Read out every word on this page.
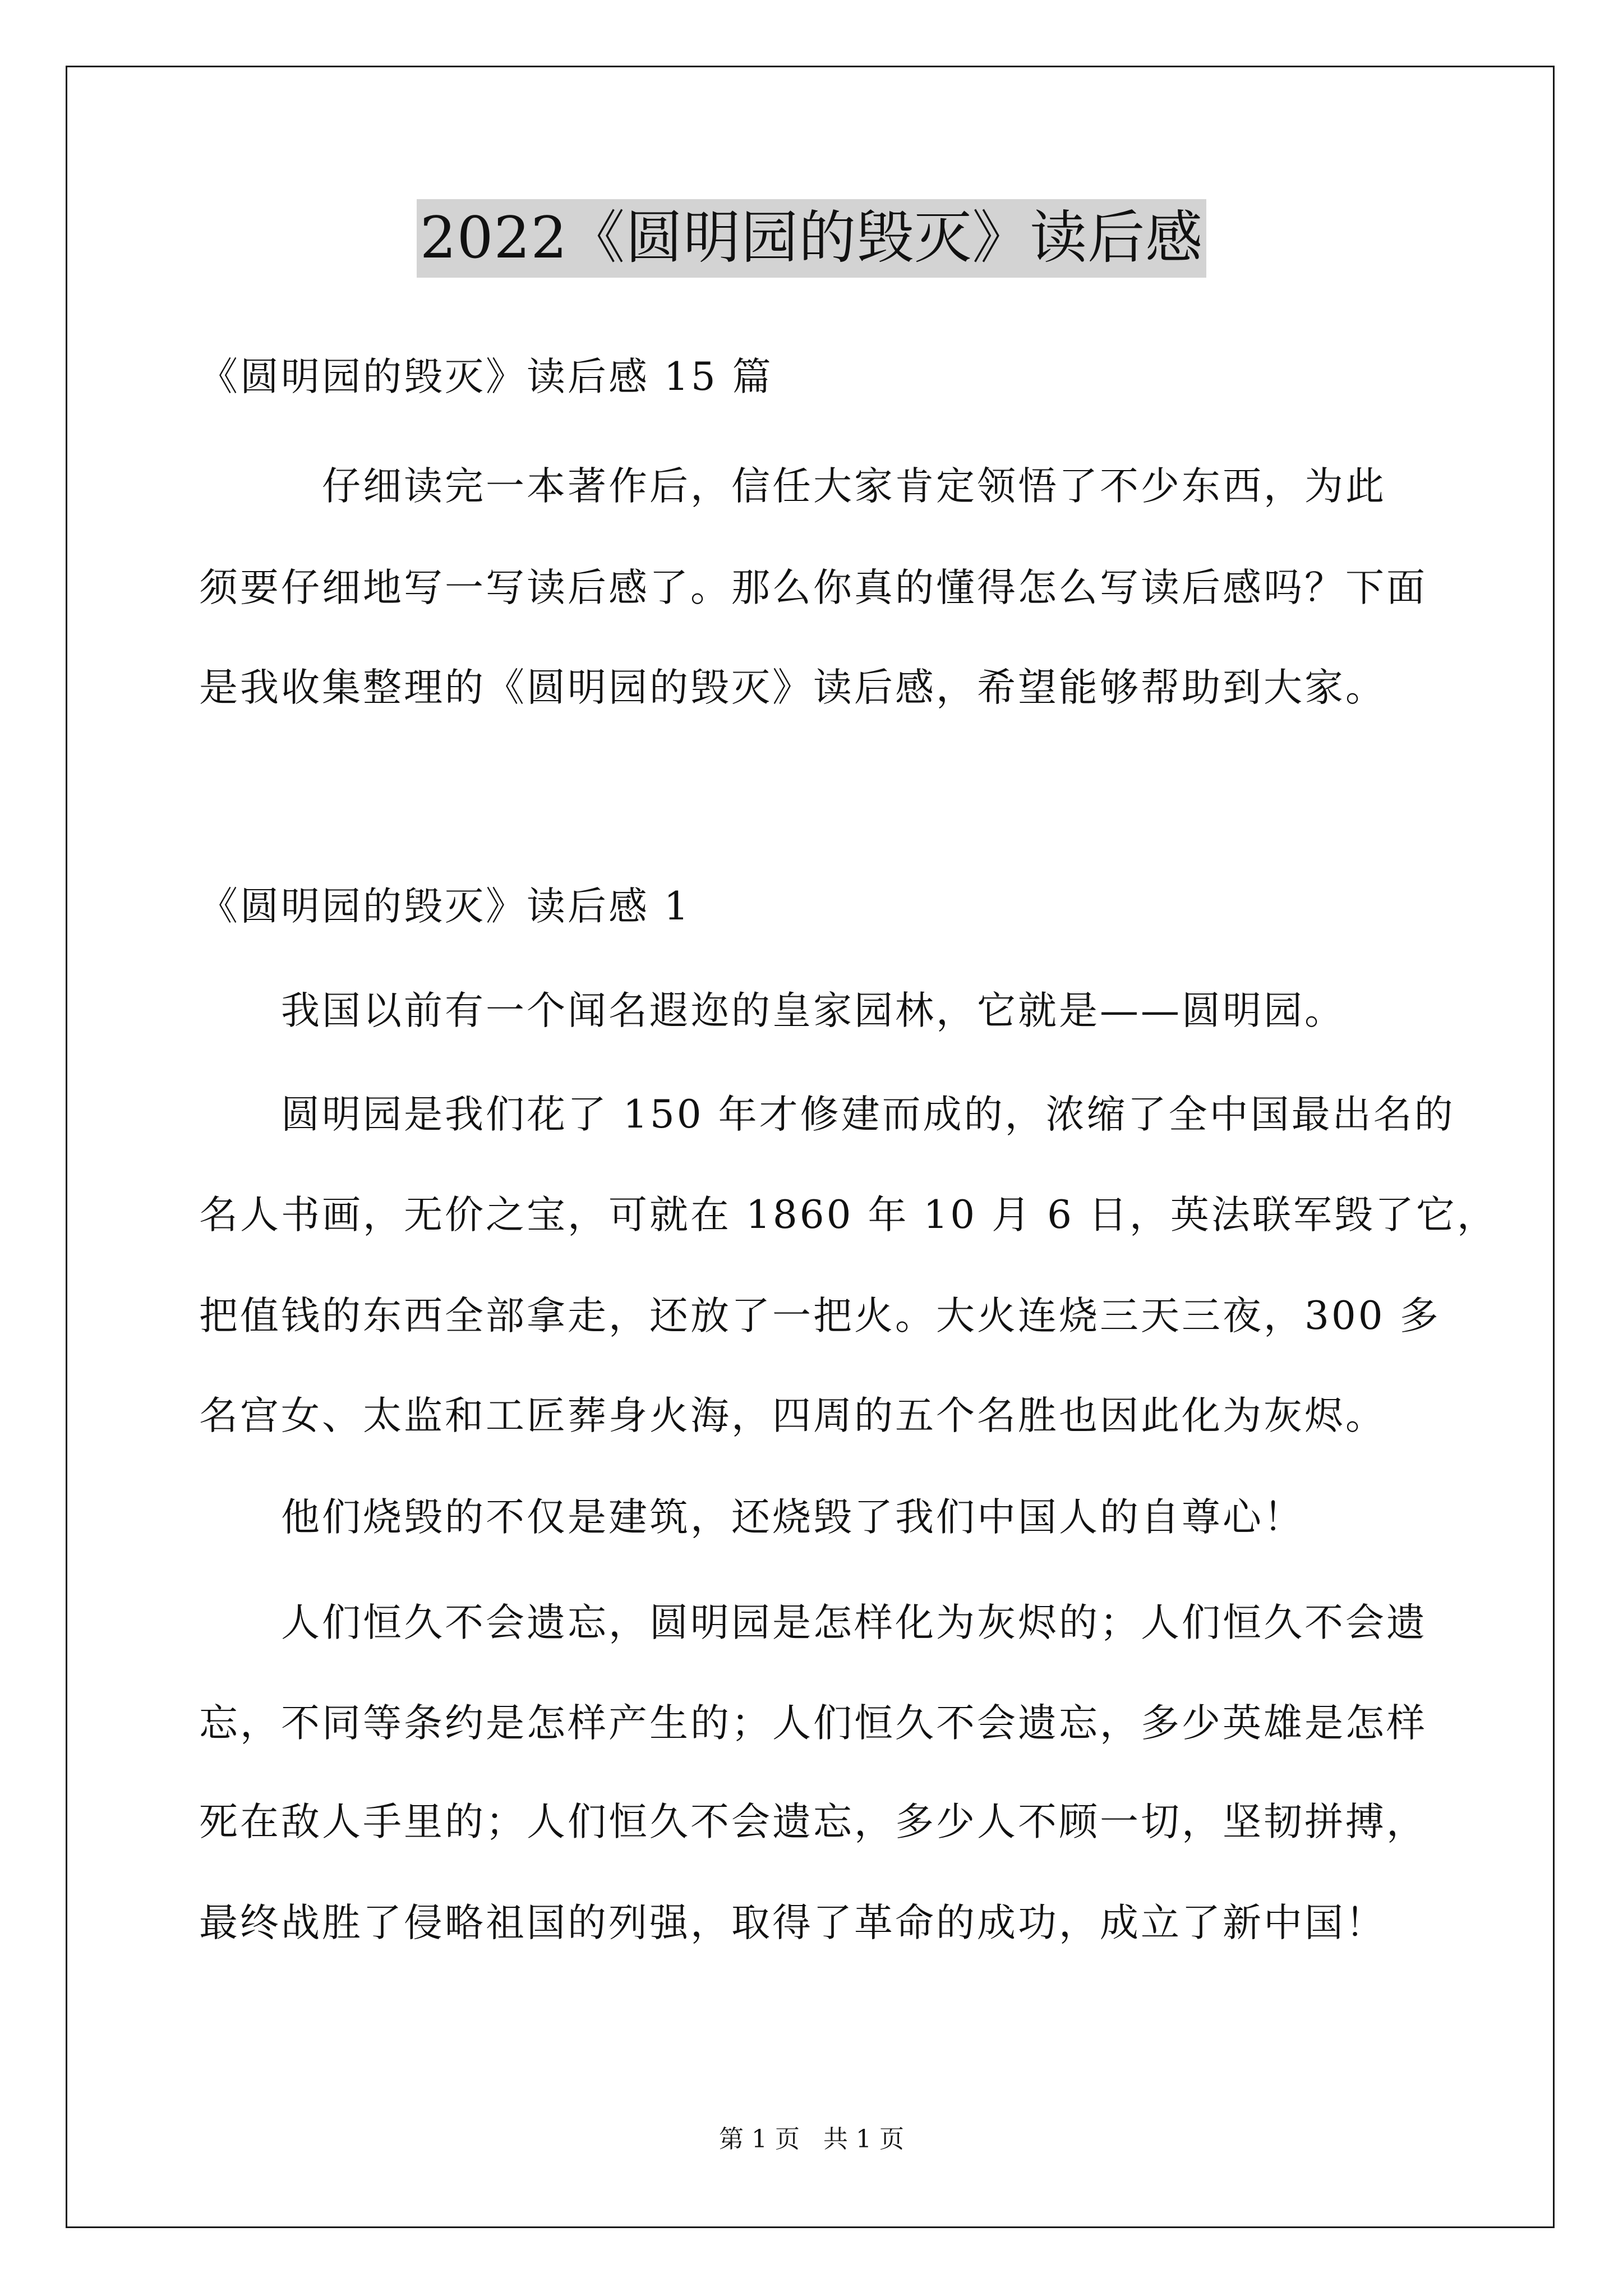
2022《圆明园的毁灭》读后感
《圆明园的毁灭》读后感 15 篇
　　　仔细读完一本著作后，信任大家肯定领悟了不少东西，为此
须要仔细地写一写读后感了。那么你真的懂得怎么写读后感吗？下面
是我收集整理的《圆明园的毁灭》读后感，希望能够帮助到大家。
《圆明园的毁灭》读后感 1
　　我国以前有一个闻名遐迩的皇家园林，它就是——圆明园。
　　圆明园是我们花了 150 年才修建而成的，浓缩了全中国最出名的
名人书画，无价之宝，可就在 1860 年 10 月 6 日，英法联军毁了它，
把值钱的东西全部拿走，还放了一把火。大火连烧三天三夜，300 多
名宫女、太监和工匠葬身火海，四周的五个名胜也因此化为灰烬。
　　他们烧毁的不仅是建筑，还烧毁了我们中国人的自尊心！
　　人们恒久不会遗忘，圆明园是怎样化为灰烬的；人们恒久不会遗
忘，不同等条约是怎样产生的；人们恒久不会遗忘，多少英雄是怎样
死在敌人手里的；人们恒久不会遗忘，多少人不顾一切，坚韧拼搏，
最终战胜了侵略祖国的列强，取得了革命的成功，成立了新中国！
第 1 页 共 1 页
